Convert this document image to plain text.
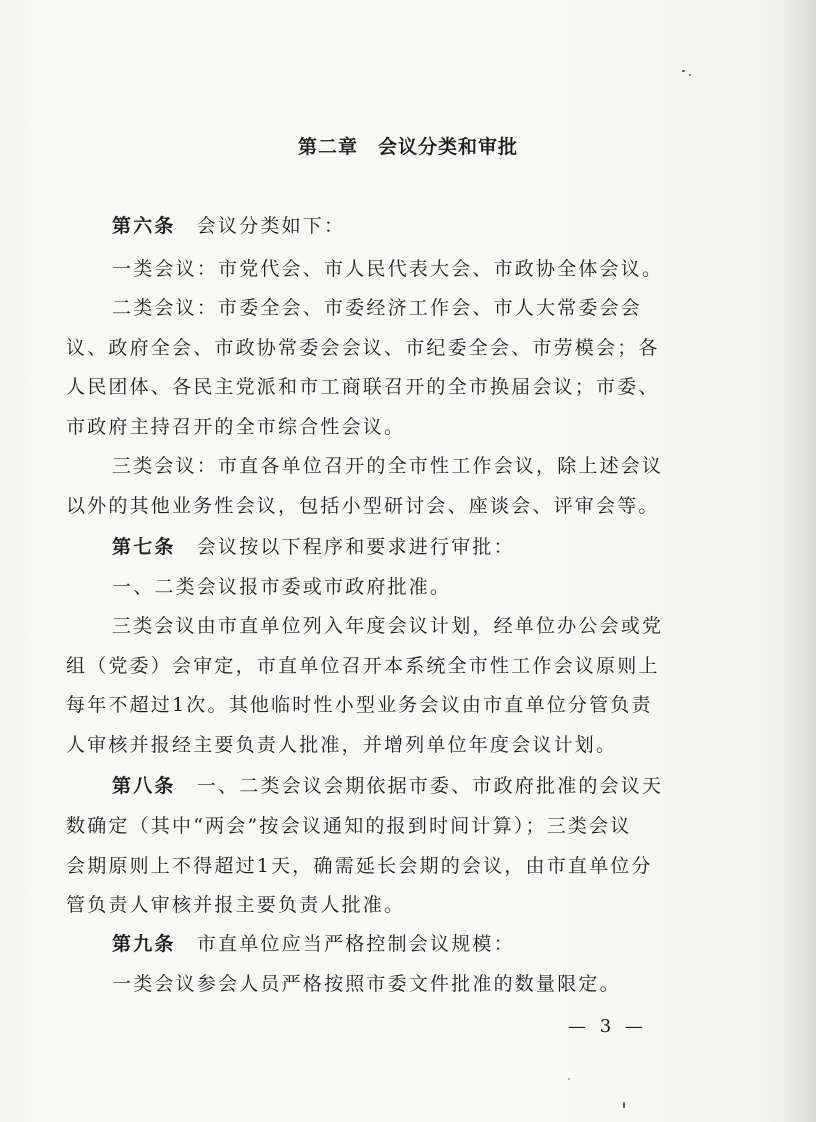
第二章　会议分类和审批
第六条　会议分类如下：
一类会议：市党代会、市人民代表大会、市政协全体会议。
二类会议：市委全会、市委经济工作会、市人大常委会会
议、政府全会、市政协常委会会议、市纪委全会、市劳模会；各
人民团体、各民主党派和市工商联召开的全市换届会议；市委、
市政府主持召开的全市综合性会议。
三类会议：市直各单位召开的全市性工作会议，除上述会议
以外的其他业务性会议，包括小型研讨会、座谈会、评审会等。
第七条　会议按以下程序和要求进行审批：
一、二类会议报市委或市政府批准。
三类会议由市直单位列入年度会议计划，经单位办公会或党
组（党委）会审定，市直单位召开本系统全市性工作会议原则上
每年不超过1次。其他临时性小型业务会议由市直单位分管负责
人审核并报经主要负责人批准，并增列单位年度会议计划。
第八条　一、二类会议会期依据市委、市政府批准的会议天
数确定（其中“两会”按会议通知的报到时间计算）；三类会议
会期原则上不得超过1天，确需延长会期的会议，由市直单位分
管负责人审核并报主要负责人批准。
第九条　市直单位应当严格控制会议规模：
一类会议参会人员严格按照市委文件批准的数量限定。
— 3 —
